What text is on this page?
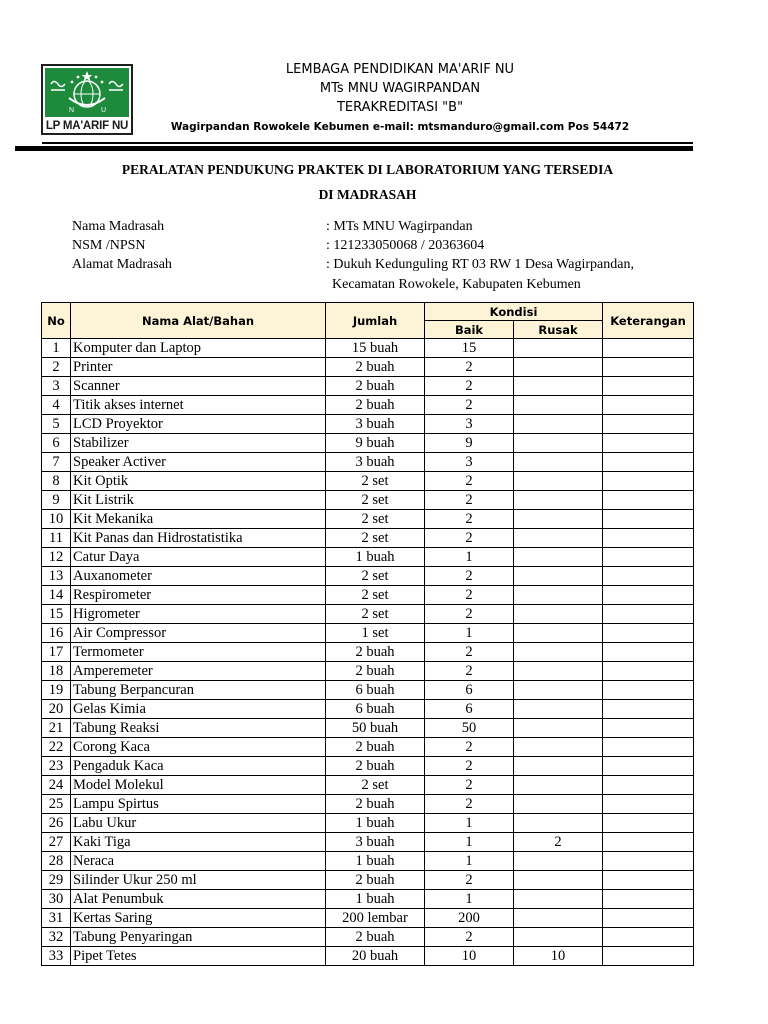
N	U
LP MA'ARIF NU
LEMBAGA PENDIDIKAN MA'ARIF NU
MTs MNU WAGIRPANDAN
TERAKREDITASI "B"
Wagirpandan Rowokele Kebumen e-mail: mtsmanduro@gmail.com Pos 54472
PERALATAN PENDUKUNG PRAKTEK DI LABORATORIUM YANG TERSEDIA
DI MADRASAH
Nama Madrasah	: MTs MNU Wagirpandan
NSM /NPSN	: 121233050068 / 20363604
Alamat Madrasah	: Dukuh Kedunguling RT 03 RW 1 Desa Wagirpandan,
Kecamatan Rowokele, Kabupaten Kebumen
No	Nama Alat/Bahan	Jumlah	Kondisi		Keterangan
			Baik	Rusak	
1	Komputer dan Laptop	15 buah	15		
2	Printer	2 buah	2		
3	Scanner	2 buah	2		
4	Titik akses internet	2 buah	2		
5	LCD Proyektor	3 buah	3		
6	Stabilizer	9 buah	9		
7	Speaker Activer	3 buah	3		
8	Kit Optik	2 set	2		
9	Kit Listrik	2 set	2		
10	Kit Mekanika	2 set	2		
11	Kit Panas dan Hidrostatistika	2 set	2		
12	Catur Daya	1 buah	1		
13	Auxanometer	2 set	2		
14	Respirometer	2 set	2		
15	Higrometer	2 set	2		
16	Air Compressor	1 set	1		
17	Termometer	2 buah	2		
18	Amperemeter	2 buah	2		
19	Tabung Berpancuran	6 buah	6		
20	Gelas Kimia	6 buah	6		
21	Tabung Reaksi	50 buah	50		
22	Corong Kaca	2 buah	2		
23	Pengaduk Kaca	2 buah	2		
24	Model Molekul	2 set	2		
25	Lampu Spirtus	2 buah	2		
26	Labu Ukur	1 buah	1		
27	Kaki Tiga	3 buah	1	2	
28	Neraca	1 buah	1		
29	Silinder Ukur 250 ml	2 buah	2		
30	Alat Penumbuk	1 buah	1		
31	Kertas Saring	200 lembar	200		
32	Tabung Penyaringan	2 buah	2		
33	Pipet Tetes	20 buah	10	10	
